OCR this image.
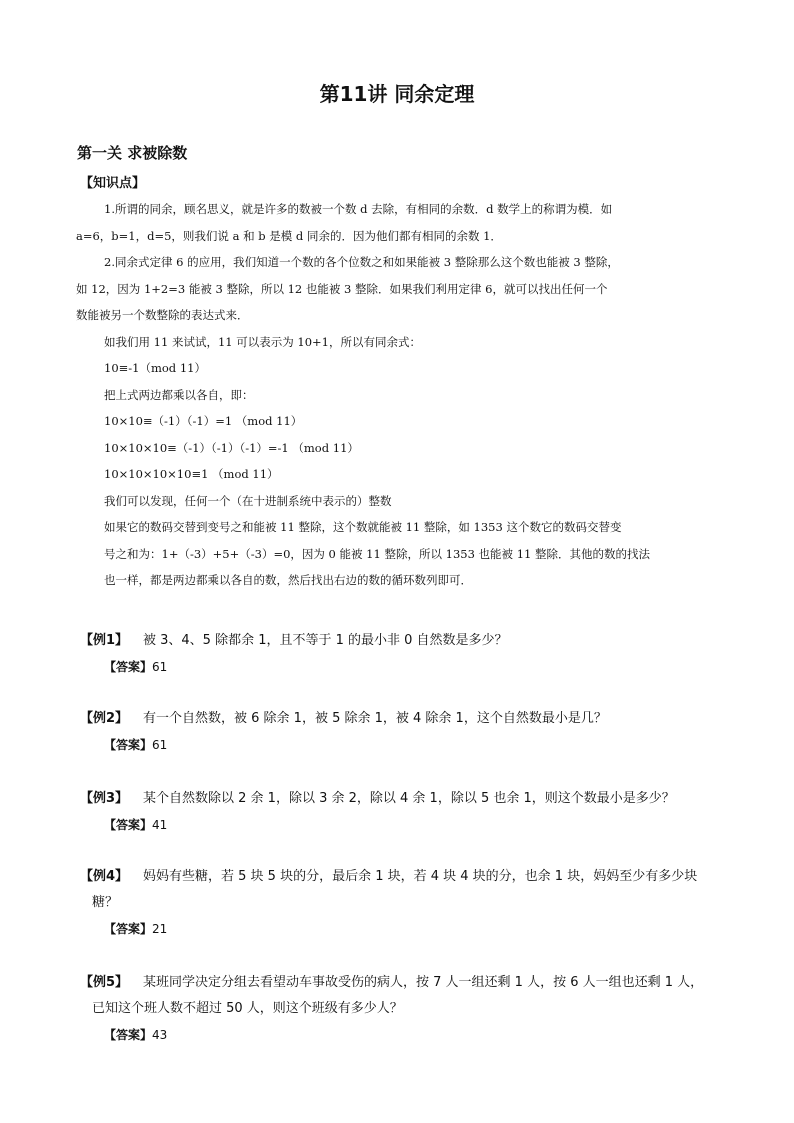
第11讲 同余定理
第一关 求被除数
【知识点】

1.所谓的同余，顾名思义，就是许多的数被一个数 d 去除，有相同的余数．d 数学上的称谓为模．如

a=6，b=1，d=5，则我们说 a 和 b 是模 d 同余的．因为他们都有相同的余数 1．

2.同余式定律 6 的应用，我们知道一个数的各个位数之和如果能被 3 整除那么这个数也能被 3 整除，

如 12，因为 1+2=3 能被 3 整除，所以 12 也能被 3 整除．如果我们利用定律 6，就可以找出任何一个

数能被另一个数整除的表达式来．

如我们用 11 来试试，11 可以表示为 10+1，所以有同余式：

10≡-1（mod 11）

把上式两边都乘以各自，即：

10×10≡（-1）（-1）=1 （mod 11）

10×10×10≡（-1）（-1）（-1）=-1 （mod 11）

10×10×10×10≡1 （mod 11）

我们可以发现，任何一个（在十进制系统中表示的）整数

如果它的数码交替到变号之和能被 11 整除，这个数就能被 11 整除，如 1353 这个数它的数码交替变

号之和为：1+（-3）+5+（-3）=0，因为 0 能被 11 整除，所以 1353 也能被 11 整除．其他的数的找法

也一样，都是两边都乘以各自的数，然后找出右边的数的循环数列即可．

【例1】 被 3、4、5 除都余 1，且不等于 1 的最小非 0 自然数是多少？
【答案】61
【例2】 有一个自然数，被 6 除余 1，被 5 除余 1，被 4 除余 1，这个自然数最小是几？
【答案】61
【例3】 某个自然数除以 2 余 1，除以 3 余 2，除以 4 余 1，除以 5 也余 1，则这个数最小是多少？
【答案】41
【例4】 妈妈有些糖，若 5 块 5 块的分，最后余 1 块，若 4 块 4 块的分，也余 1 块，妈妈至少有多少块
糖？
【答案】21
【例5】 某班同学决定分组去看望动车事故受伤的病人，按 7 人一组还剩 1 人，按 6 人一组也还剩 1 人，
已知这个班人数不超过 50 人，则这个班级有多少人？
【答案】43
